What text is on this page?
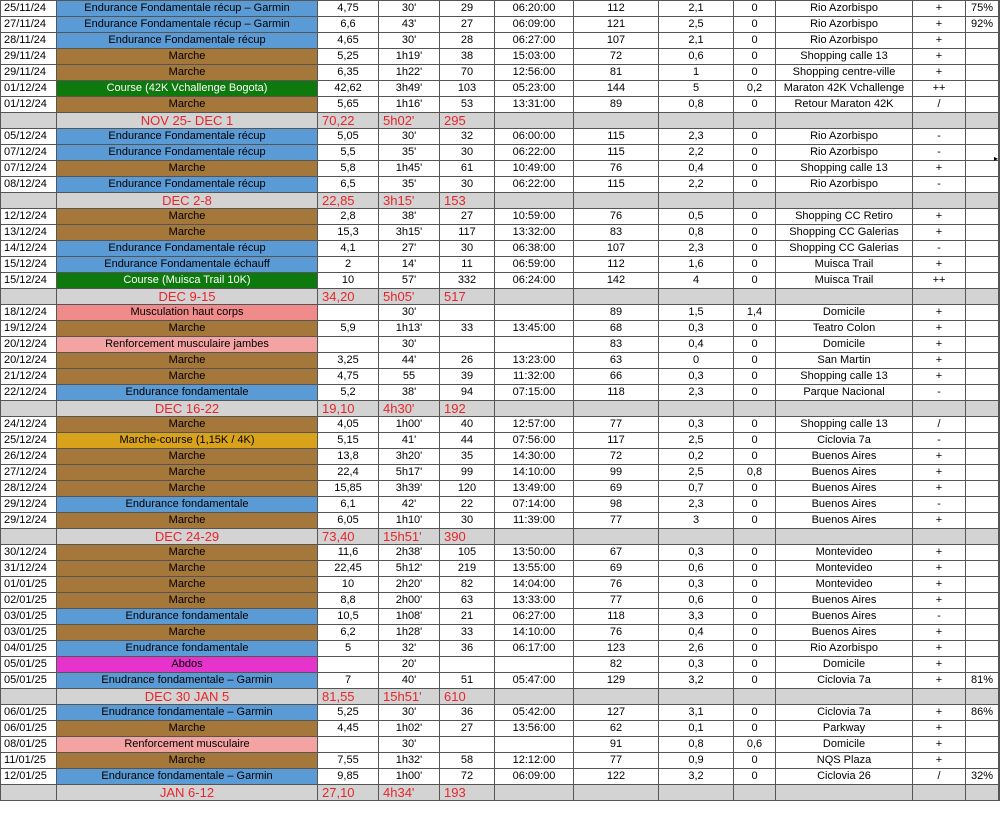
25/11/24	Endurance Fondamentale récup – Garmin	4,75	30'	29	06:20:00	112	2,1	0	Rio Azorbispo	+	75%	

27/11/24	Endurance Fondamentale récup – Garmin	6,6	43'	27	06:09:00	121	2,5	0	Rio Azorbispo	+	92%	
28/11/24	Endurance Fondamentale récup	4,65	30'	28	06:27:00	107	2,1	0	Rio Azorbispo	+		
29/11/24	Marche	5,25	1h19'	38	15:03:00	72	0,6	0	Shopping calle 13	+		
29/11/24	Marche	6,35	1h22'	70	12:56:00	81	1	0	Shopping centre-ville	+		
01/12/24	Course (42K Vchallenge Bogota)	42,62	3h49'	103	05:23:00	144	5	0,2	Maraton 42K Vchallenge	++		
01/12/24	Marche	5,65	1h16'	53	13:31:00	89	0,8	0	Retour Maraton 42K	/		
	NOV 25- DEC 1	70,22	5h02'	295								
05/12/24	Endurance Fondamentale récup	5,05	30'	32	06:00:00	115	2,3	0	Rio Azorbispo	-		

07/12/24	Endurance Fondamentale récup	5,5	35'	30	06:22:00	115	2,2	0	Rio Azorbispo	-		
07/12/24	Marche	5,8	1h45'	61	10:49:00	76	0,4	0	Shopping calle 13	+		
08/12/24	Endurance Fondamentale récup	6,5	35'	30	06:22:00	115	2,2	0	Rio Azorbispo	-		
	DEC 2-8	22,85	3h15'	153								
12/12/24	Marche	2,8	38'	27	10:59:00	76	0,5	0	Shopping CC Retiro	+		

13/12/24	Marche	15,3	3h15'	117	13:32:00	83	0,8	0	Shopping CC Galerias	+		
14/12/24	Endurance Fondamentale récup	4,1	27'	30	06:38:00	107	2,3	0	Shopping CC Galerias	-		
15/12/24	Endurance Fondamentale échauff	2	14'	11	06:59:00	112	1,6	0	Muisca Trail	+		
15/12/24	Course (Muisca Trail 10K)	10	57'	332	06:24:00	142	4	0	Muisca Trail	++		
	DEC 9-15	34,20	5h05'	517								
18/12/24	Musculation haut corps		30'			89	1,5	1,4	Domicile	+		

19/12/24	Marche	5,9	1h13'	33	13:45:00	68	0,3	0	Teatro Colon	+		
20/12/24	Renforcement musculaire jambes		30'			83	0,4	0	Domicile	+		
20/12/24	Marche	3,25	44'	26	13:23:00	63	0	0	San Martin	+		
21/12/24	Marche	4,75	55	39	11:32:00	66	0,3	0	Shopping calle 13	+		
22/12/24	Endurance fondamentale	5,2	38'	94	07:15:00	118	2,3	0	Parque Nacional	-		
	DEC 16-22	19,10	4h30'	192								
24/12/24	Marche	4,05	1h00'	40	12:57:00	77	0,3	0	Shopping calle 13	/		

25/12/24	Marche-course (1,15K / 4K)	5,15	41'	44	07:56:00	117	2,5	0	Ciclovia 7a	-		
26/12/24	Marche	13,8	3h20'	35	14:30:00	72	0,2	0	Buenos Aires	+		
27/12/24	Marche	22,4	5h17'	99	14:10:00	99	2,5	0,8	Buenos Aires	+		
28/12/24	Marche	15,85	3h39'	120	13:49:00	69	0,7	0	Buenos Aires	+		
29/12/24	Endurance fondamentale	6,1	42'	22	07:14:00	98	2,3	0	Buenos Aires	-		
29/12/24	Marche	6,05	1h10'	30	11:39:00	77	3	0	Buenos Aires	+		
	DEC 24-29	73,40	15h51'	390								
30/12/24	Marche	11,6	2h38'	105	13:50:00	67	0,3	0	Montevideo	+		

31/12/24	Marche	22,45	5h12'	219	13:55:00	69	0,6	0	Montevideo	+		
01/01/25	Marche	10	2h20'	82	14:04:00	76	0,3	0	Montevideo	+		
02/01/25	Marche	8,8	2h00'	63	13:33:00	77	0,6	0	Buenos Aires	+		
03/01/25	Endurance fondamentale	10,5	1h08'	21	06:27:00	118	3,3	0	Buenos Aires	-		
03/01/25	Marche	6,2	1h28'	33	14:10:00	76	0,4	0	Buenos Aires	+		
04/01/25	Enudrance fondamentale	5	32'	36	06:17:00	123	2,6	0	Rio Azorbispo	+		
05/01/25	Abdos		20'			82	0,3	0	Domicile	+		
05/01/25	Enudrance fondamentale – Garmin	7	40'	51	05:47:00	129	3,2	0	Ciclovia 7a	+	81%	
	DEC 30 JAN 5	81,55	15h51'	610								
06/01/25	Enudrance fondamentale – Garmin	5,25	30'	36	05:42:00	127	3,1	0	Ciclovia 7a	+	86%	

06/01/25	Marche	4,45	1h02'	27	13:56:00	62	0,1	0	Parkway	+		
08/01/25	Renforcement musculaire		30'			91	0,8	0,6	Domicile	+		
11/01/25	Marche	7,55	1h32'	58	12:12:00	77	0,9	0	NQS Plaza	+		
12/01/25	Endurance fondamentale – Garmin	9,85	1h00'	72	06:09:00	122	3,2	0	Ciclovia 26	/	32%	
	JAN 6-12	27,10	4h34'	193								
▸
